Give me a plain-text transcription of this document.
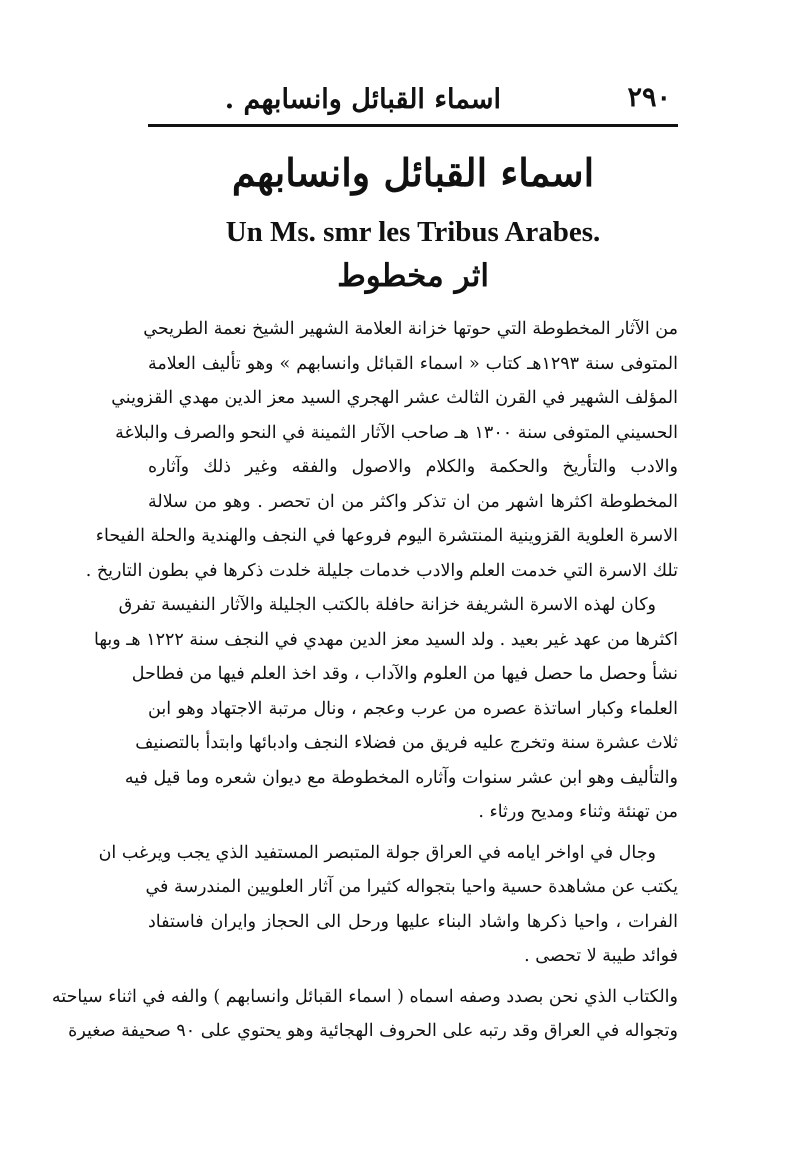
٢٩٠
اسماء القبائل وانسابهم .
اسماء القبائل وانسابهم
Un Ms. smr les Tribus Arabes.
اثر مخطوط
من الآثار المخطوطة التي حوتها خزانة العلامة الشهير الشيخ نعمة الطريحي
المتوفى سنة ١٢٩٣هـ كتاب « اسماء القبائل وانسابهم » وهو تأليف العلامة
المؤلف الشهير في القرن الثالث عشر الهجري السيد معز الدين مهدي القزويني
الحسيني المتوفى سنة ١٣٠٠ هـ صاحب الآثار الثمينة في النحو والصرف والبلاغة
والادب والتأريخ والحكمة والكلام والاصول والفقه وغير ذلك وآثاره
المخطوطة اكثرها اشهر من ان تذكر واكثر من ان تحصر . وهو من سلالة
الاسرة العلوية القزوينية المنتشرة اليوم فروعها في النجف والهندية والحلة الفيحاء
تلك الاسرة التي خدمت العلم والادب خدمات جليلة خلدت ذكرها في بطون التاريخ .
وكان لهذه الاسرة الشريفة خزانة حافلة بالكتب الجليلة والآثار النفيسة تفرق
اكثرها من عهد غير بعيد . ولد السيد معز الدين مهدي في النجف سنة ١٢٢٢ هـ وبها
نشأ وحصل ما حصل فيها من العلوم والآداب ، وقد اخذ العلم فيها من فطاحل
العلماء وكبار اساتذة عصره من عرب وعجم ، ونال مرتبة الاجتهاد وهو ابن
ثلاث عشرة سنة وتخرج عليه فريق من فضلاء النجف وادبائها وابتدأ بالتصنيف
والتأليف وهو ابن عشر سنوات وآثاره المخطوطة مع ديوان شعره وما قيل فيه
من تهنئة وثناء ومديح ورثاء .
وجال في اواخر ايامه في العراق جولة المتبصر المستفيد الذي يجب ويرغب ان
يكتب عن مشاهدة حسية واحيا بتجواله كثيرا من آثار العلويين المندرسة في
الفرات ، واحيا ذكرها واشاد البناء عليها ورحل الى الحجاز وايران فاستفاد
فوائد طيبة لا تحصى .
والكتاب الذي نحن بصدد وصفه اسماه ( اسماء القبائل وانسابهم ) والفه في اثناء سياحته
وتجواله في العراق وقد رتبه على الحروف الهجائية وهو يحتوي على ٩٠ صحيفة صغيرة
